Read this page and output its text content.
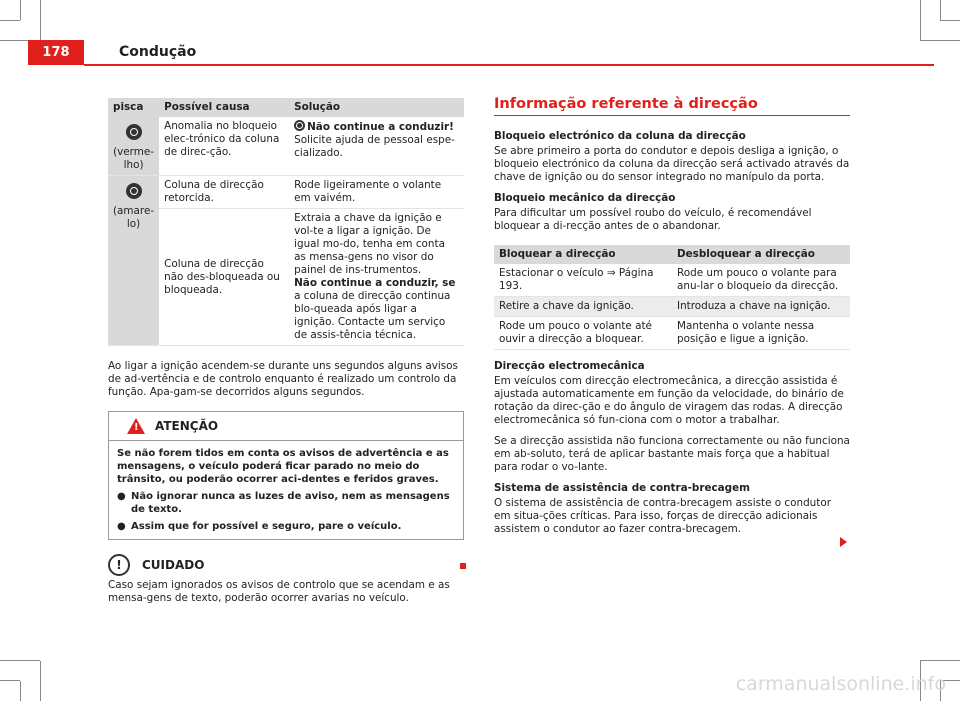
178	Condução
pisca	Possível causa	Solução

(verme-lho)	Anomalia no bloqueio elec-trónico da coluna de direc-ção.	Não continue a conduzir!
Solicite ajuda de pessoal espe-cializado.

(amare-lo)	Coluna de direcção retorcida.	Rode ligeiramente o volante em vaivém.
	Coluna de direcção não des-bloqueada ou bloqueada.	Extraia a chave da ignição e vol-te a ligar a ignição. De igual mo-do, tenha em conta as mensa-gens no visor do painel de ins-trumentos.
Não continue a conduzir, se a coluna de direcção continua blo-queada após ligar a ignição. Contacte um serviço de assis-tência técnica.

Ao ligar a ignição acendem-se durante uns segundos alguns avisos de ad-vertência e de controlo enquanto é realizado um controlo da função. Apa-gam-se decorridos alguns segundos.

! ATENÇÃO
Se não forem tidos em conta os avisos de advertência e as mensagens, o veículo poderá ficar parado no meio do trânsito, ou poderão ocorrer aci-dentes e feridos graves.
● Não ignorar nunca as luzes de aviso, nem as mensagens de texto.
● Assim que for possível e seguro, pare o veículo.
!	CUIDADO

Caso sejam ignorados os avisos de controlo que se acendam e as mensa-gens de texto, poderão ocorrer avarias no veículo.

Informação referente à direcção
Bloqueio electrónico da coluna da direcção

Se abre primeiro a porta do condutor e depois desliga a ignição, o bloqueio electrónico da coluna da direcção será activado através da chave de ignição ou do sensor integrado no manípulo da porta.

Bloqueio mecânico da direcção

Para dificultar um possível roubo do veículo, é recomendável bloquear a di-recção antes de o abandonar.

Bloquear a direcção	Desbloquear a direcção
Estacionar o veículo ⇒ Página 193.	Rode um pouco o volante para anu-lar o bloqueio da direcção.
Retire a chave da ignição.	Introduza a chave na ignição.
Rode um pouco o volante até ouvir a direcção a bloquear.	Mantenha o volante nessa posição e ligue a ignição.
Direcção electromecânica

Em veículos com direcção electromecânica, a direcção assistida é ajustada automaticamente em função da velocidade, do binário de rotação da direc-ção e do ângulo de viragem das rodas. A direcção electromecânica só fun-ciona com o motor a trabalhar.

Se a direcção assistida não funciona correctamente ou não funciona em ab-soluto, terá de aplicar bastante mais força que a habitual para rodar o vo-lante.

Sistema de assistência de contra-brecagem

O sistema de assistência de contra-brecagem assiste o condutor em situa-ções críticas. Para isso, forças de direcção adicionais assistem o condutor ao fazer contra-brecagem.

carmanualsonline.info
